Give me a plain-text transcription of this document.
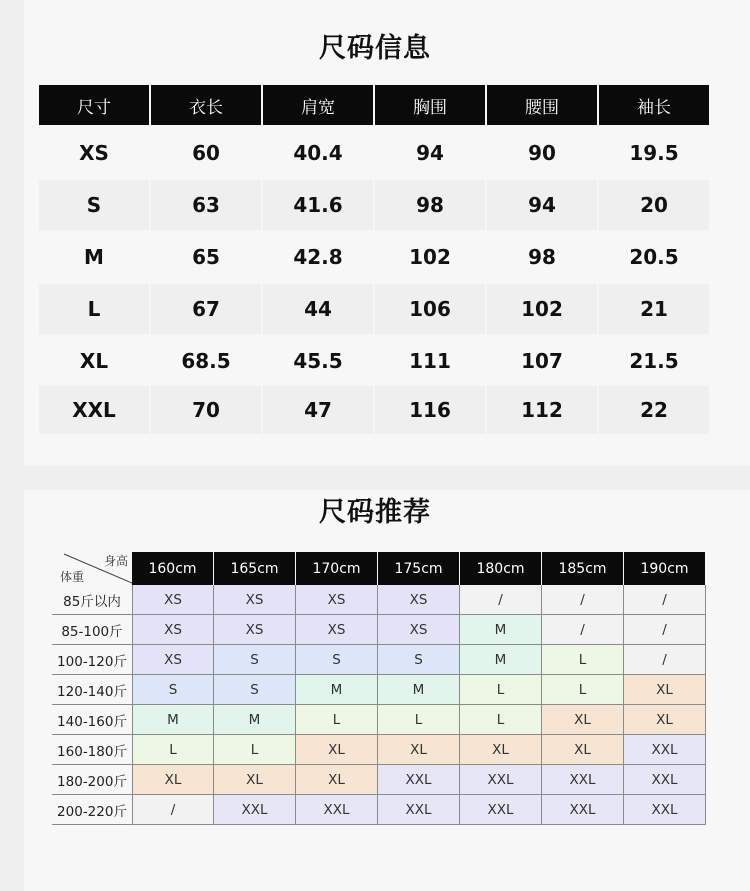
尺码信息
尺码推荐
尺寸	衣长	肩宽	胸围	腰围	袖长
XS	60	40.4	94	90	19.5
S	63	41.6	98	94	20
M	65	42.8	102	98	20.5
L	67	44	106	102	21
XL	68.5	45.5	111	107	21.5
XXL	70	47	116	112	22
身高
体重
160cm	165cm	170cm	175cm	180cm	185cm	190cm
85斤以内	XS	XS	XS	XS	/	/	/
85-100斤	XS	XS	XS	XS	M	/	/
100-120斤	XS	S	S	S	M	L	/
120-140斤	S	S	M	M	L	L	XL
140-160斤	M	M	L	L	L	XL	XL
160-180斤	L	L	XL	XL	XL	XL	XXL
180-200斤	XL	XL	XL	XXL	XXL	XXL	XXL
200-220斤	/	XXL	XXL	XXL	XXL	XXL	XXL
